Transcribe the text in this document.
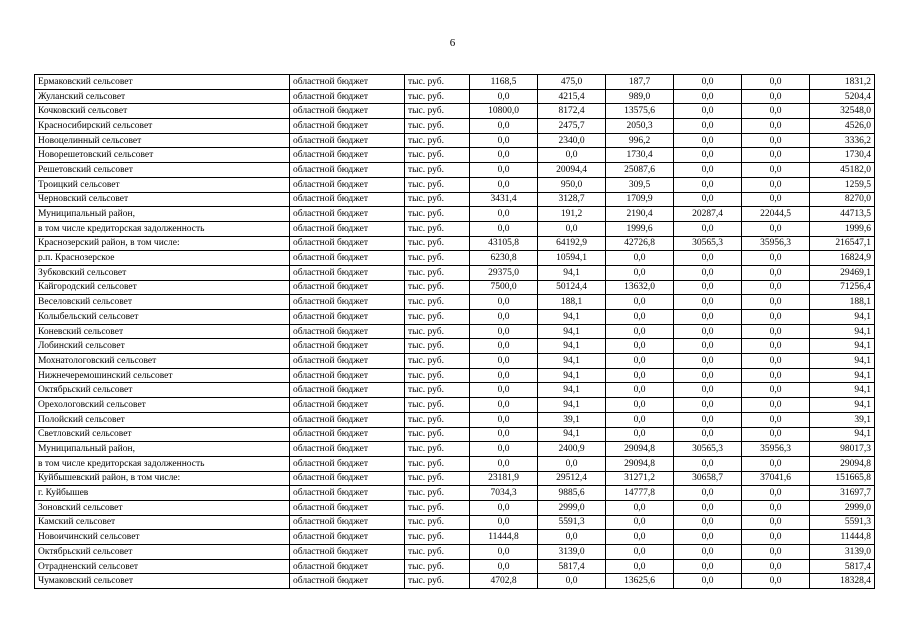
6
Ермаковский сельсовет	областной бюджет	тыс. руб.	1168,5	475,0	187,7	0,0	0,0	1831,2
Жуланский сельсовет	областной бюджет	тыс. руб.	0,0	4215,4	989,0	0,0	0,0	5204,4
Кочковский сельсовет	областной бюджет	тыс. руб.	10800,0	8172,4	13575,6	0,0	0,0	32548,0
Красносибирский сельсовет	областной бюджет	тыс. руб.	0,0	2475,7	2050,3	0,0	0,0	4526,0
Новоцелинный сельсовет	областной бюджет	тыс. руб.	0,0	2340,0	996,2	0,0	0,0	3336,2
Новорешетовский сельсовет	областной бюджет	тыс. руб.	0,0	0,0	1730,4	0,0	0,0	1730,4
Решетовский сельсовет	областной бюджет	тыс. руб.	0,0	20094,4	25087,6	0,0	0,0	45182,0
Троицкий сельсовет	областной бюджет	тыс. руб.	0,0	950,0	309,5	0,0	0,0	1259,5
Черновский сельсовет	областной бюджет	тыс. руб.	3431,4	3128,7	1709,9	0,0	0,0	8270,0
Муниципальный район,	областной бюджет	тыс. руб.	0,0	191,2	2190,4	20287,4	22044,5	44713,5
в том числе кредиторская задолженность	областной бюджет	тыс. руб.	0,0	0,0	1999,6	0,0	0,0	1999,6
Краснозерский район, в том числе:	областной бюджет	тыс. руб.	43105,8	64192,9	42726,8	30565,3	35956,3	216547,1
р.п. Краснозерское	областной бюджет	тыс. руб.	6230,8	10594,1	0,0	0,0	0,0	16824,9
Зубковский сельсовет	областной бюджет	тыс. руб.	29375,0	94,1	0,0	0,0	0,0	29469,1
Кайгородский сельсовет	областной бюджет	тыс. руб.	7500,0	50124,4	13632,0	0,0	0,0	71256,4
Веселовский сельсовет	областной бюджет	тыс. руб.	0,0	188,1	0,0	0,0	0,0	188,1
Колыбельский сельсовет	областной бюджет	тыс. руб.	0,0	94,1	0,0	0,0	0,0	94,1
Коневский сельсовет	областной бюджет	тыс. руб.	0,0	94,1	0,0	0,0	0,0	94,1
Лобинский сельсовет	областной бюджет	тыс. руб.	0,0	94,1	0,0	0,0	0,0	94,1
Мохнатологовский сельсовет	областной бюджет	тыс. руб.	0,0	94,1	0,0	0,0	0,0	94,1
Нижнечеремошинский сельсовет	областной бюджет	тыс. руб.	0,0	94,1	0,0	0,0	0,0	94,1
Октябрьский сельсовет	областной бюджет	тыс. руб.	0,0	94,1	0,0	0,0	0,0	94,1
Орехологовский сельсовет	областной бюджет	тыс. руб.	0,0	94,1	0,0	0,0	0,0	94,1
Полойский сельсовет	областной бюджет	тыс. руб.	0,0	39,1	0,0	0,0	0,0	39,1
Светловский сельсовет	областной бюджет	тыс. руб.	0,0	94,1	0,0	0,0	0,0	94,1
Муниципальный район,	областной бюджет	тыс. руб.	0,0	2400,9	29094,8	30565,3	35956,3	98017,3
в том числе кредиторская задолженность	областной бюджет	тыс. руб.	0,0	0,0	29094,8	0,0	0,0	29094,8
Куйбышевский район, в том числе:	областной бюджет	тыс. руб.	23181,9	29512,4	31271,2	30658,7	37041,6	151665,8
г. Куйбышев	областной бюджет	тыс. руб.	7034,3	9885,6	14777,8	0,0	0,0	31697,7
Зоновский сельсовет	областной бюджет	тыс. руб.	0,0	2999,0	0,0	0,0	0,0	2999,0
Камский сельсовет	областной бюджет	тыс. руб.	0,0	5591,3	0,0	0,0	0,0	5591,3
Новоичинский сельсовет	областной бюджет	тыс. руб.	11444,8	0,0	0,0	0,0	0,0	11444,8
Октябрьский сельсовет	областной бюджет	тыс. руб.	0,0	3139,0	0,0	0,0	0,0	3139,0
Отрадненский сельсовет	областной бюджет	тыс. руб.	0,0	5817,4	0,0	0,0	0,0	5817,4
Чумаковский сельсовет	областной бюджет	тыс. руб.	4702,8	0,0	13625,6	0,0	0,0	18328,4
